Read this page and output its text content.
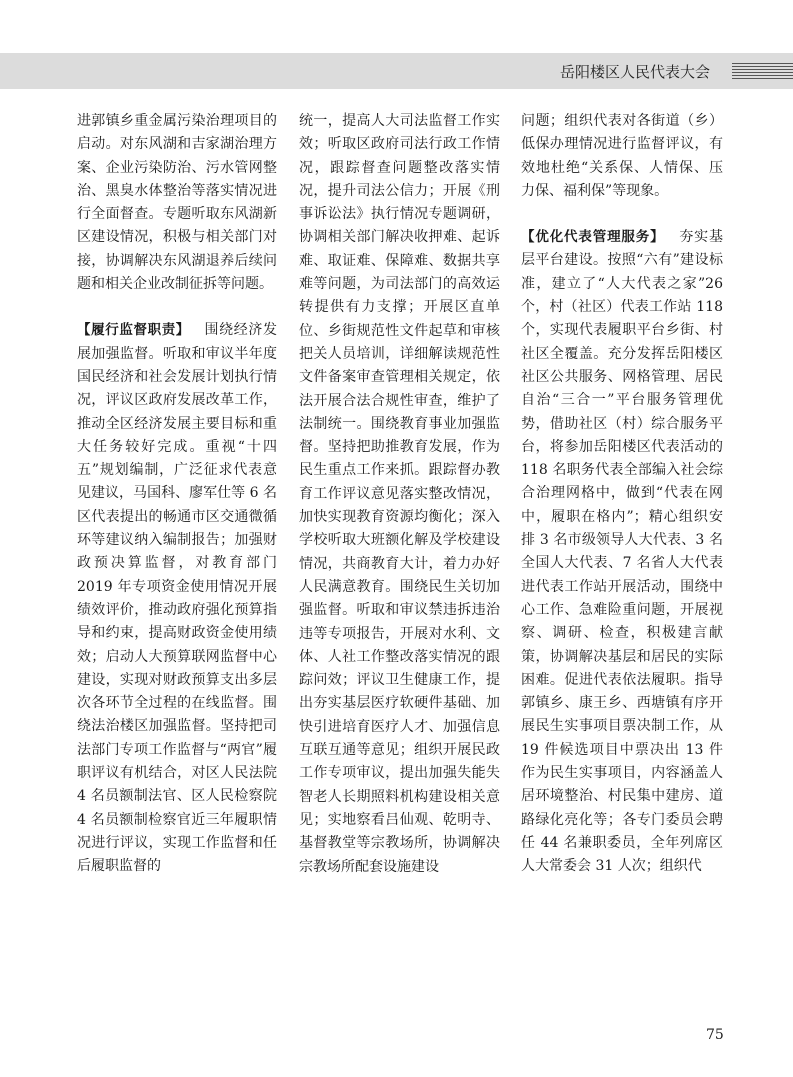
岳阳楼区人民代表大会

进郭镇乡重金属污染治理项目的启动。对东风湖和吉家湖治理方案、企业污染防治、污水管网整治、黑臭水体整治等落实情况进行全面督查。专题听取东风湖新区建设情况，积极与相关部门对接，协调解决东风湖退养后续问题和相关企业改制征拆等问题。

【履行监督职责】  围绕经济发展加强监督。听取和审议半年度国民经济和社会发展计划执行情况，评议区政府发展改革工作，推动全区经济发展主要目标和重大任务较好完成。重视“十四五”规划编制，广泛征求代表意见建议，马国科、廖军仕等 6 名区代表提出的畅通市区交通微循环等建议纳入编制报告；加强财政预决算监督，对教育部门 2019 年专项资金使用情况开展绩效评价，推动政府强化预算指导和约束，提高财政资金使用绩效；启动人大预算联网监督中心建设，实现对财政预算支出多层次各环节全过程的在线监督。围绕法治楼区加强监督。坚持把司法部门专项工作监督与“两官”履职评议有机结合，对区人民法院 4 名员额制法官、区人民检察院 4 名员额制检察官近三年履职情况进行评议，实现工作监督和任后履职监督的

统一，提高人大司法监督工作实效；听取区政府司法行政工作情况，跟踪督查问题整改落实情况，提升司法公信力；开展《刑事诉讼法》执行情况专题调研，协调相关部门解决收押难、起诉难、取证难、保障难、数据共享难等问题，为司法部门的高效运转提供有力支撑；开展区直单位、乡街规范性文件起草和审核把关人员培训，详细解读规范性文件备案审查管理相关规定，依法开展合法合规性审查，维护了法制统一。围绕教育事业加强监督。坚持把助推教育发展，作为民生重点工作来抓。跟踪督办教育工作评议意见落实整改情况，加快实现教育资源均衡化；深入学校听取大班额化解及学校建设情况，共商教育大计，着力办好人民满意教育。围绕民生关切加强监督。听取和审议禁违拆违治违等专项报告，开展对水利、文体、人社工作整改落实情况的跟踪问效；评议卫生健康工作，提出夯实基层医疗软硬件基础、加快引进培育医疗人才、加强信息互联互通等意见；组织开展民政工作专项审议，提出加强失能失智老人长期照料机构建设相关意见；实地察看吕仙观、乾明寺、基督教堂等宗教场所，协调解决宗教场所配套设施建设

问题；组织代表对各街道（乡）低保办理情况进行监督评议，有效地杜绝“关系保、人情保、压力保、福利保”等现象。

【优化代表管理服务】  夯实基层平台建设。按照“六有”建设标准，建立了“人大代表之家”26 个，村（社区）代表工作站 118 个，实现代表履职平台乡街、村社区全覆盖。充分发挥岳阳楼区社区公共服务、网格管理、居民自治“三合一”平台服务管理优势，借助社区（村）综合服务平台，将参加岳阳楼区代表活动的 118 名职务代表全部编入社会综合治理网格中，做到“代表在网中，履职在格内”；精心组织安排 3 名市级领导人大代表、3 名全国人大代表、7 名省人大代表进代表工作站开展活动，围绕中心工作、急难险重问题，开展视察、调研、检查，积极建言献策，协调解决基层和居民的实际困难。促进代表依法履职。指导郭镇乡、康王乡、西塘镇有序开展民生实事项目票决制工作，从 19 件候选项目中票决出 13 件作为民生实事项目，内容涵盖人居环境整治、村民集中建房、道路绿化亮化等；各专门委员会聘任 44 名兼职委员，全年列席区人大常委会 31 人次；组织代

75
